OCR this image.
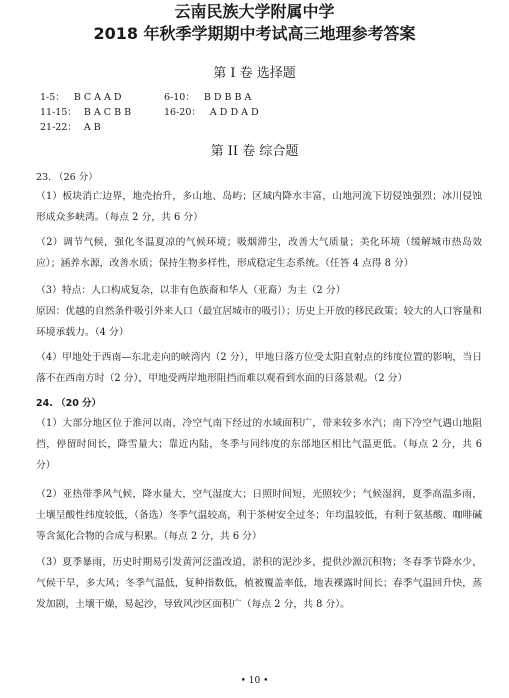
云南民族大学附属中学
2018 年秋季学期期中考试高三地理参考答案
第 I 卷 选择题
1-5： B C A A D	6-10： B D B B A
11-15： B A C B B	16-20： A D D A D
21-22： A B
第 II 卷 综合题
23. （26 分）
（1）板块消亡边界，地壳抬升，多山地、岛屿；区域内降水丰富，山地河流下切侵蚀强烈；冰川侵蚀形成众多峡湾。（每点 2 分，共 6 分）
（2）调节气候，强化冬温夏凉的气候环境；吸烟滞尘，改善大气质量；美化环境（缓解城市热岛效应）；涵养水源，改善水质；保持生物多样性，形成稳定生态系统。（任答 4 点得 8 分）
（3）特点：人口构成复杂，以非有色族裔和华人（亚裔）为主（2 分）
原因：优越的自然条件吸引外来人口（最宜居城市的吸引）；历史上开放的移民政策；较大的人口容量和环境承载力。（4 分）
（4）甲地处于西南—东北走向的峡湾内（2 分），甲地日落方位受太阳直射点的纬度位置的影响，当日落不在西南方时（2 分），甲地受两岸地形阻挡而难以观看到水面的日落景观。（2 分）
24. （20 分）
（1）大部分地区位于淮河以南，冷空气南下经过的水域面积广，带来较多水汽；南下冷空气遇山地阻挡，停留时间长，降雪量大；靠近内陆，冬季与同纬度的东部地区相比气温更低。（每点 2 分，共 6 分）
（2）亚热带季风气候，降水量大，空气湿度大；日照时间短，光照较少；气候湿润，夏季高温多雨，土壤呈酸性纬度较低，（备选）冬季气温较高，利于茶树安全过冬；年均温较低，有利于氨基酸、咖啡碱等含氮化合物的合成与积累。（每点 2 分，共 6 分）
（3）夏季暴雨，历史时期易引发黄河泛滥改道，淤积的泥沙多，提供沙源沉积物；冬春季节降水少，气候干旱，多大风；冬季气温低，复种指数低，植被覆盖率低，地表裸露时间长；春季气温回升快，蒸发加剧，土壤干燥，易起沙，导致风沙区面积广（每点 2 分，共 8 分）。
• 10 •
